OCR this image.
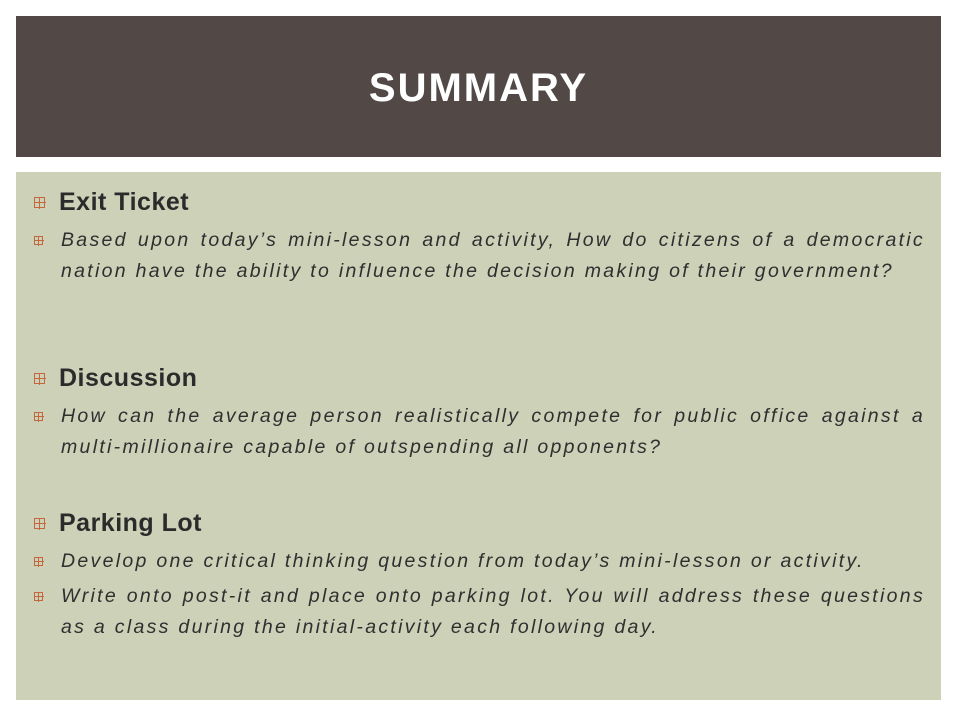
SUMMARY
Exit Ticket
Based upon today’s mini-lesson and activity, How do citizens of a democratic nation have the ability to influence the decision making of their government?
Discussion
How can the average person realistically compete for public office against a multi-millionaire capable of outspending all opponents?
Parking Lot
Develop one critical thinking question from today’s mini-lesson or activity.
Write onto post-it and place onto parking lot. You will address these questions as a class during the initial-activity each following day.
